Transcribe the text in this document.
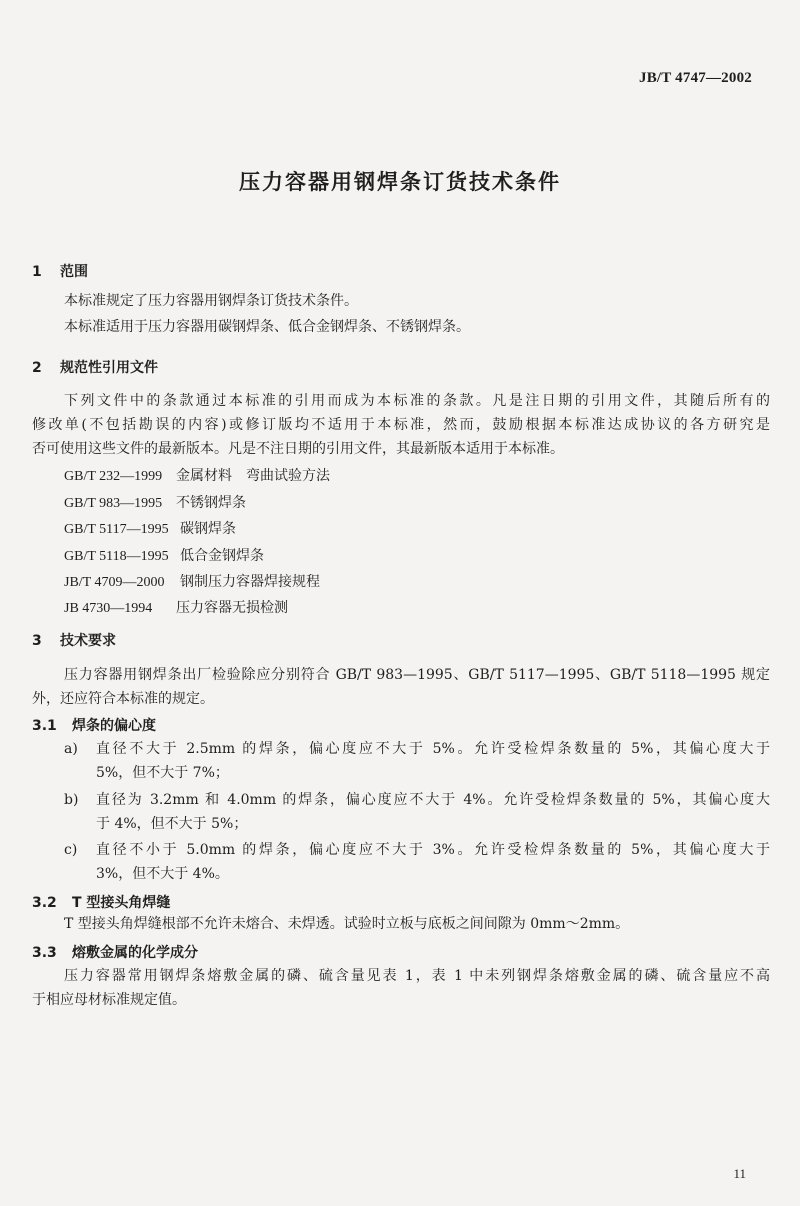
JB/T 4747—2002
压力容器用钢焊条订货技术条件
1 范围
本标准规定了压力容器用钢焊条订货技术条件。
本标准适用于压力容器用碳钢焊条、低合金钢焊条、不锈钢焊条。
2 规范性引用文件
下列文件中的条款通过本标准的引用而成为本标准的条款。凡是注日期的引用文件，其随后所有的
修改单(不包括勘误的内容)或修订版均不适用于本标准，然而，鼓励根据本标准达成协议的各方研究是
否可使用这些文件的最新版本。凡是不注日期的引用文件，其最新版本适用于本标准。
GB/T 232—1999 金属材料　弯曲试验方法
GB/T 983—1995 不锈钢焊条
GB/T 5117—1995 碳钢焊条
GB/T 5118—1995 低合金钢焊条
JB/T 4709—2000 钢制压力容器焊接规程
JB 4730—1994 压力容器无损检测
3 技术要求
压力容器用钢焊条出厂检验除应分别符合 GB/T 983—1995、GB/T 5117—1995、GB/T 5118—1995 规定
外，还应符合本标准的规定。
3.1 焊条的偏心度
a) 直径不大于 2.5mm 的焊条，偏心度应不大于 5%。允许受检焊条数量的 5%，其偏心度大于
5%，但不大于 7%；
b) 直径为 3.2mm 和 4.0mm 的焊条，偏心度应不大于 4%。允许受检焊条数量的 5%，其偏心度大
于 4%，但不大于 5%；
c) 直径不小于 5.0mm 的焊条，偏心度应不大于 3%。允许受检焊条数量的 5%，其偏心度大于
3%，但不大于 4%。
3.2 T 型接头角焊缝
T 型接头角焊缝根部不允许未熔合、未焊透。试验时立板与底板之间间隙为 0mm～2mm。
3.3 熔敷金属的化学成分
压力容器常用钢焊条熔敷金属的磷、硫含量见表 1，表 1 中未列钢焊条熔敷金属的磷、硫含量应不高
于相应母材标准规定值。
11
